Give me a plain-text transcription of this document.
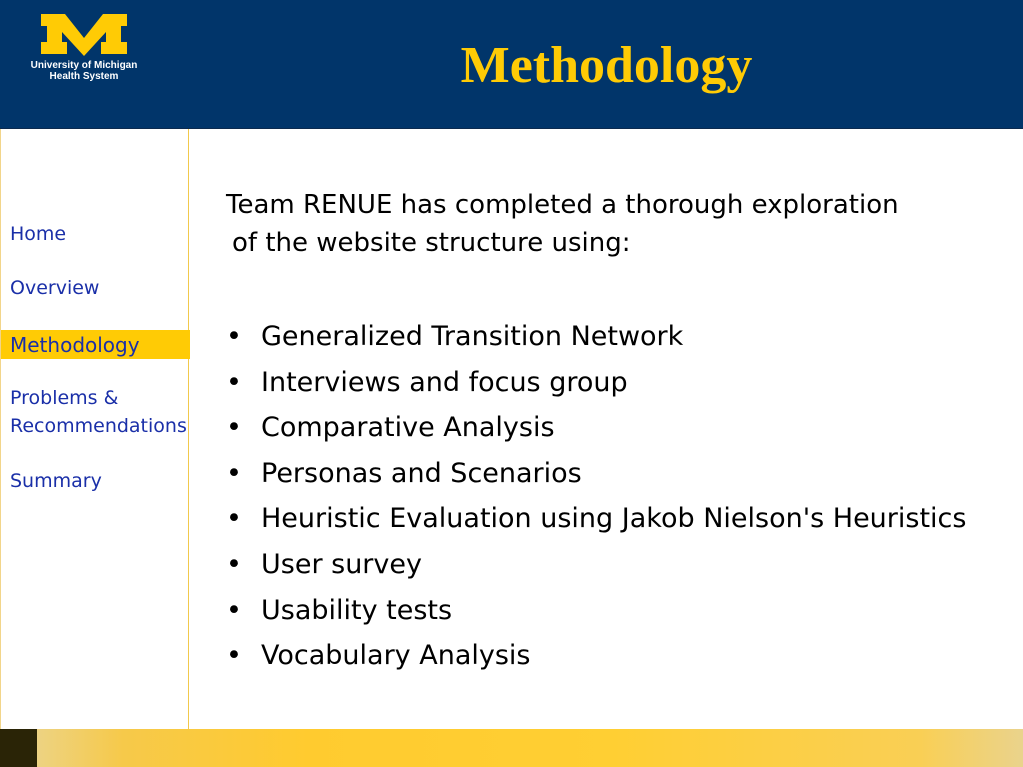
University of Michigan
Health System	Methodology
Home
Overview
Methodology
Problems &
Recommendations
Summary
Team RENUE has completed a thorough exploration
of the website structure using:
• Generalized Transition Network
• Interviews and focus group
• Comparative Analysis
• Personas and Scenarios
• Heuristic Evaluation using Jakob Nielson's Heuristics
• User survey
• Usability tests
• Vocabulary Analysis
